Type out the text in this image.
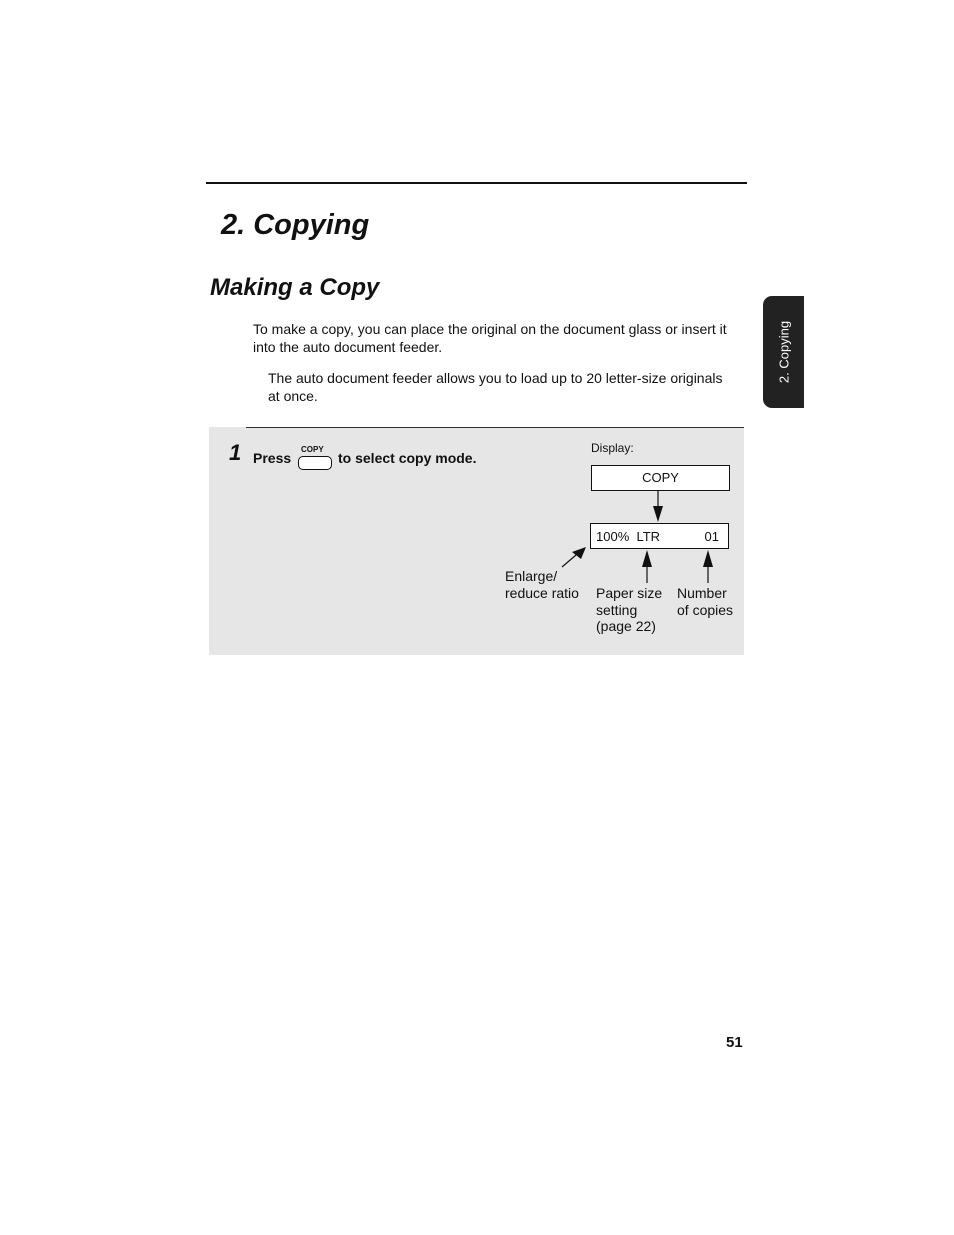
2. Copying
Making a Copy
To make a copy, you can place the original on the document glass or insert it into the auto document feeder.
The auto document feeder allows you to load up to 20 letter-size originals at once.
2. Copying
1 Press
COPY
to select copy mode.
Display:
COPY
100%  LTR	01
Enlarge/
reduce ratio	Paper size
setting
(page 22)
Number
of copies
51
